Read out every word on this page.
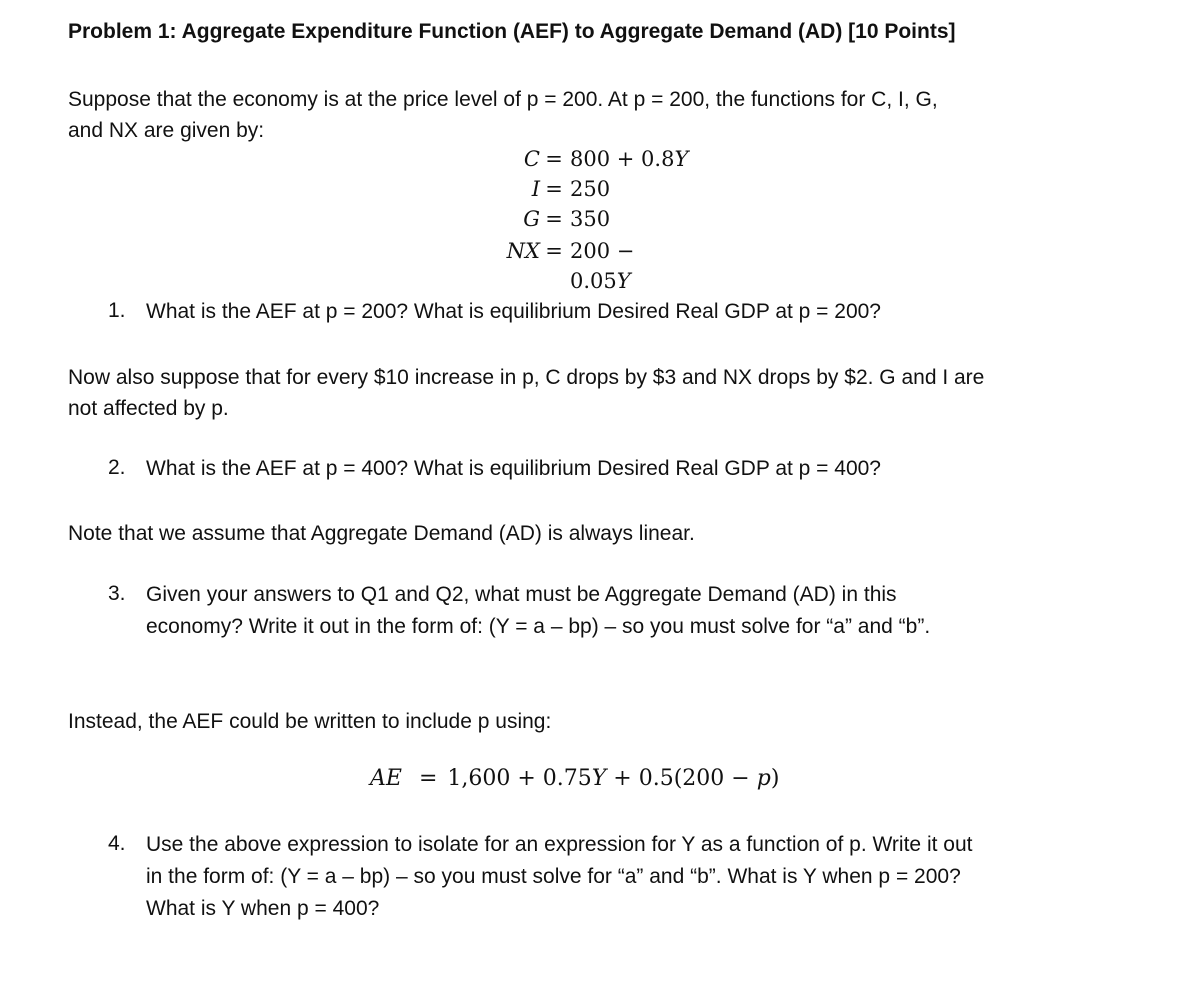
Problem 1: Aggregate Expenditure Function (AEF) to Aggregate Demand (AD) [10 Points]
Suppose that the economy is at the price level of p = 200. At p = 200, the functions for C, I, G,
and NX are given by:
C = 800 + 0.8Y
I = 250
G = 350
NX = 200 − 0.05Y
1. What is the AEF at p = 200? What is equilibrium Desired Real GDP at p = 200?
Now also suppose that for every $10 increase in p, C drops by $3 and NX drops by $2. G and I are
not affected by p.
2. What is the AEF at p = 400? What is equilibrium Desired Real GDP at p = 400?
Note that we assume that Aggregate Demand (AD) is always linear.
3. Given your answers to Q1 and Q2, what must be Aggregate Demand (AD) in this
economy? Write it out in the form of: (Y = a – bp) – so you must solve for “a” and “b”.
Instead, the AEF could be written to include p using:
AE = 1,600 + 0.75Y + 0.5(200 − p)
4. Use the above expression to isolate for an expression for Y as a function of p. Write it out
in the form of: (Y = a – bp) – so you must solve for “a” and “b”. What is Y when p = 200?
What is Y when p = 400?
